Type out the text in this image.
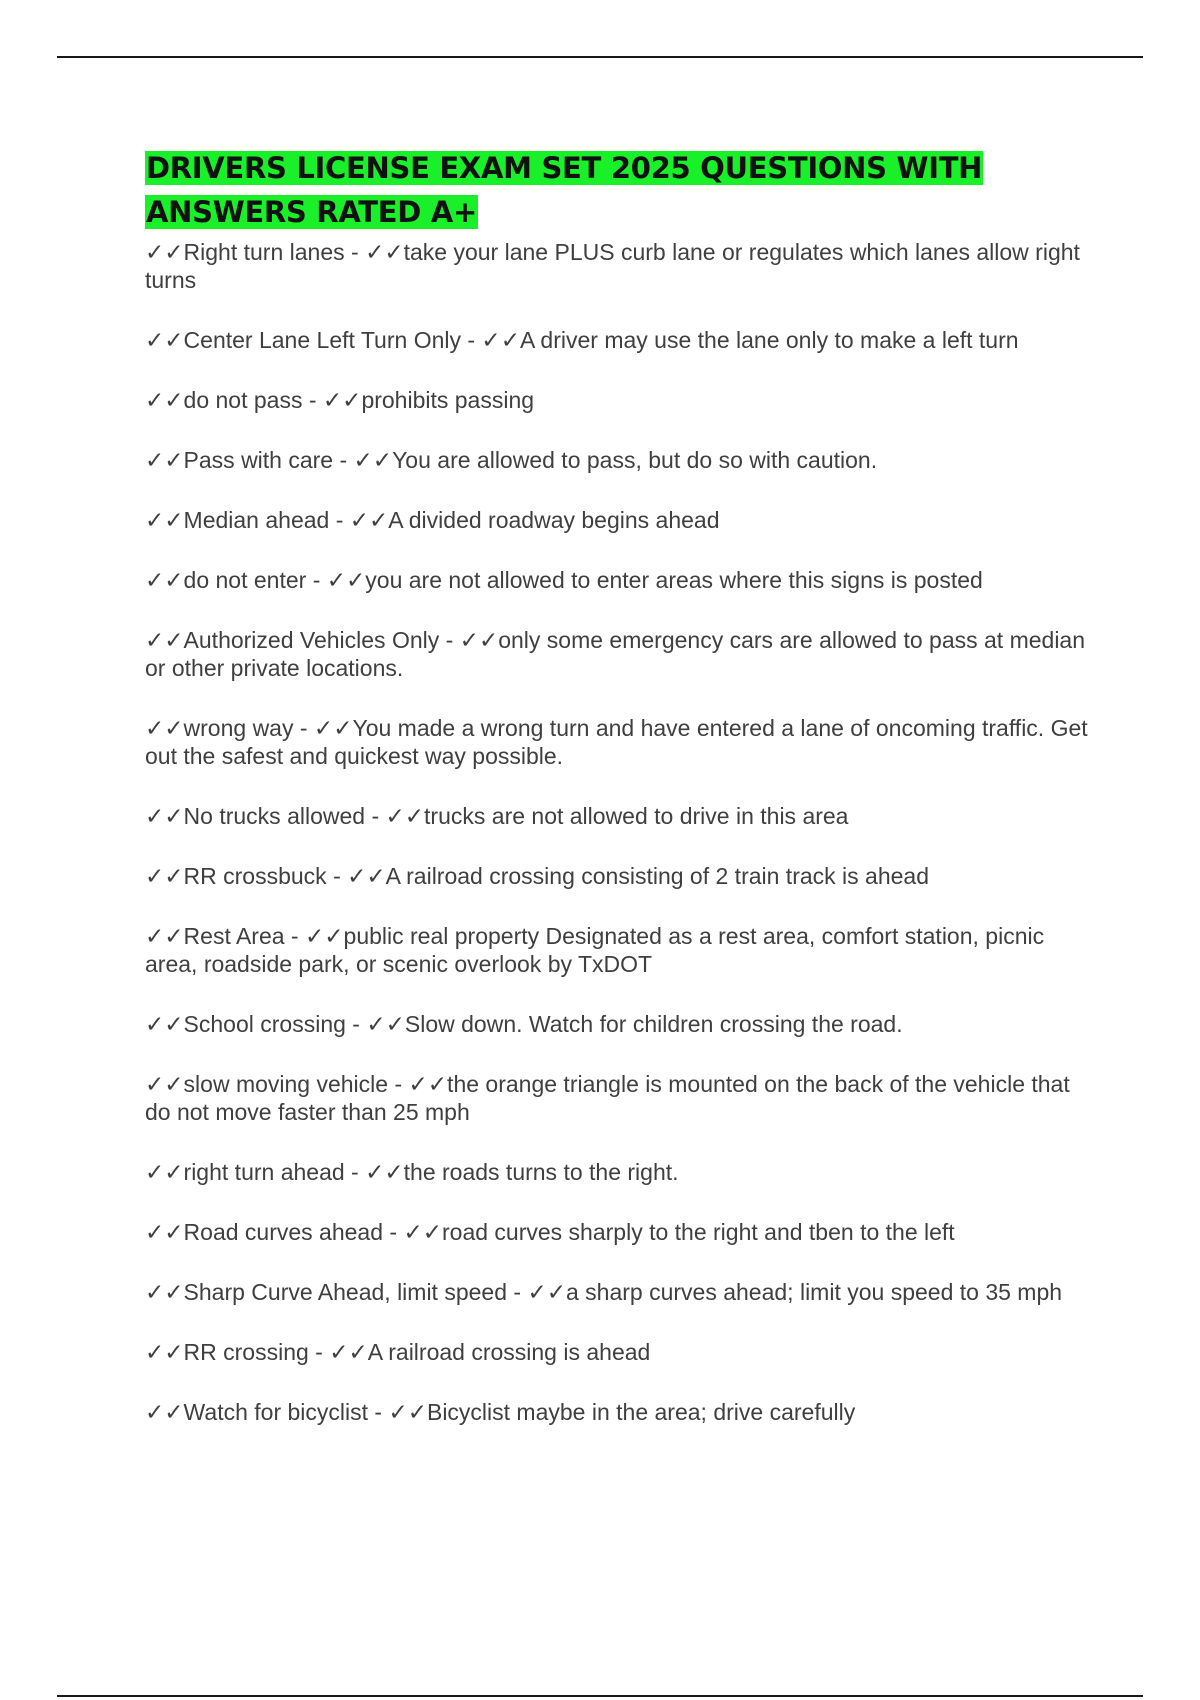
DRIVERS LICENSE EXAM SET 2025 QUESTIONS WITH ANSWERS RATED A+
✓✓Right turn lanes - ✓✓take your lane PLUS curb lane or regulates which lanes allow right turns
✓✓Center Lane Left Turn Only - ✓✓A driver may use the lane only to make a left turn
✓✓do not pass - ✓✓prohibits passing
✓✓Pass with care - ✓✓You are allowed to pass, but do so with caution.
✓✓Median ahead - ✓✓A divided roadway begins ahead
✓✓do not enter - ✓✓you are not allowed to enter areas where this signs is posted
✓✓Authorized Vehicles Only - ✓✓only some emergency cars are allowed to pass at median or other private locations.
✓✓wrong way - ✓✓You made a wrong turn and have entered a lane of oncoming traffic. Get out the safest and quickest way possible.
✓✓No trucks allowed - ✓✓trucks are not allowed to drive in this area
✓✓RR crossbuck - ✓✓A railroad crossing consisting of 2 train track is ahead
✓✓Rest Area - ✓✓public real property Designated as a rest area, comfort station, picnic area, roadside park, or scenic overlook by TxDOT
✓✓School crossing - ✓✓Slow down. Watch for children crossing the road.
✓✓slow moving vehicle - ✓✓the orange triangle is mounted on the back of the vehicle that do not move faster than 25 mph
✓✓right turn ahead - ✓✓the roads turns to the right.
✓✓Road curves ahead - ✓✓road curves sharply to the right and tben to the left
✓✓Sharp Curve Ahead, limit speed - ✓✓a sharp curves ahead; limit you speed to 35 mph
✓✓RR crossing - ✓✓A railroad crossing is ahead
✓✓Watch for bicyclist - ✓✓Bicyclist maybe in the area; drive carefully
